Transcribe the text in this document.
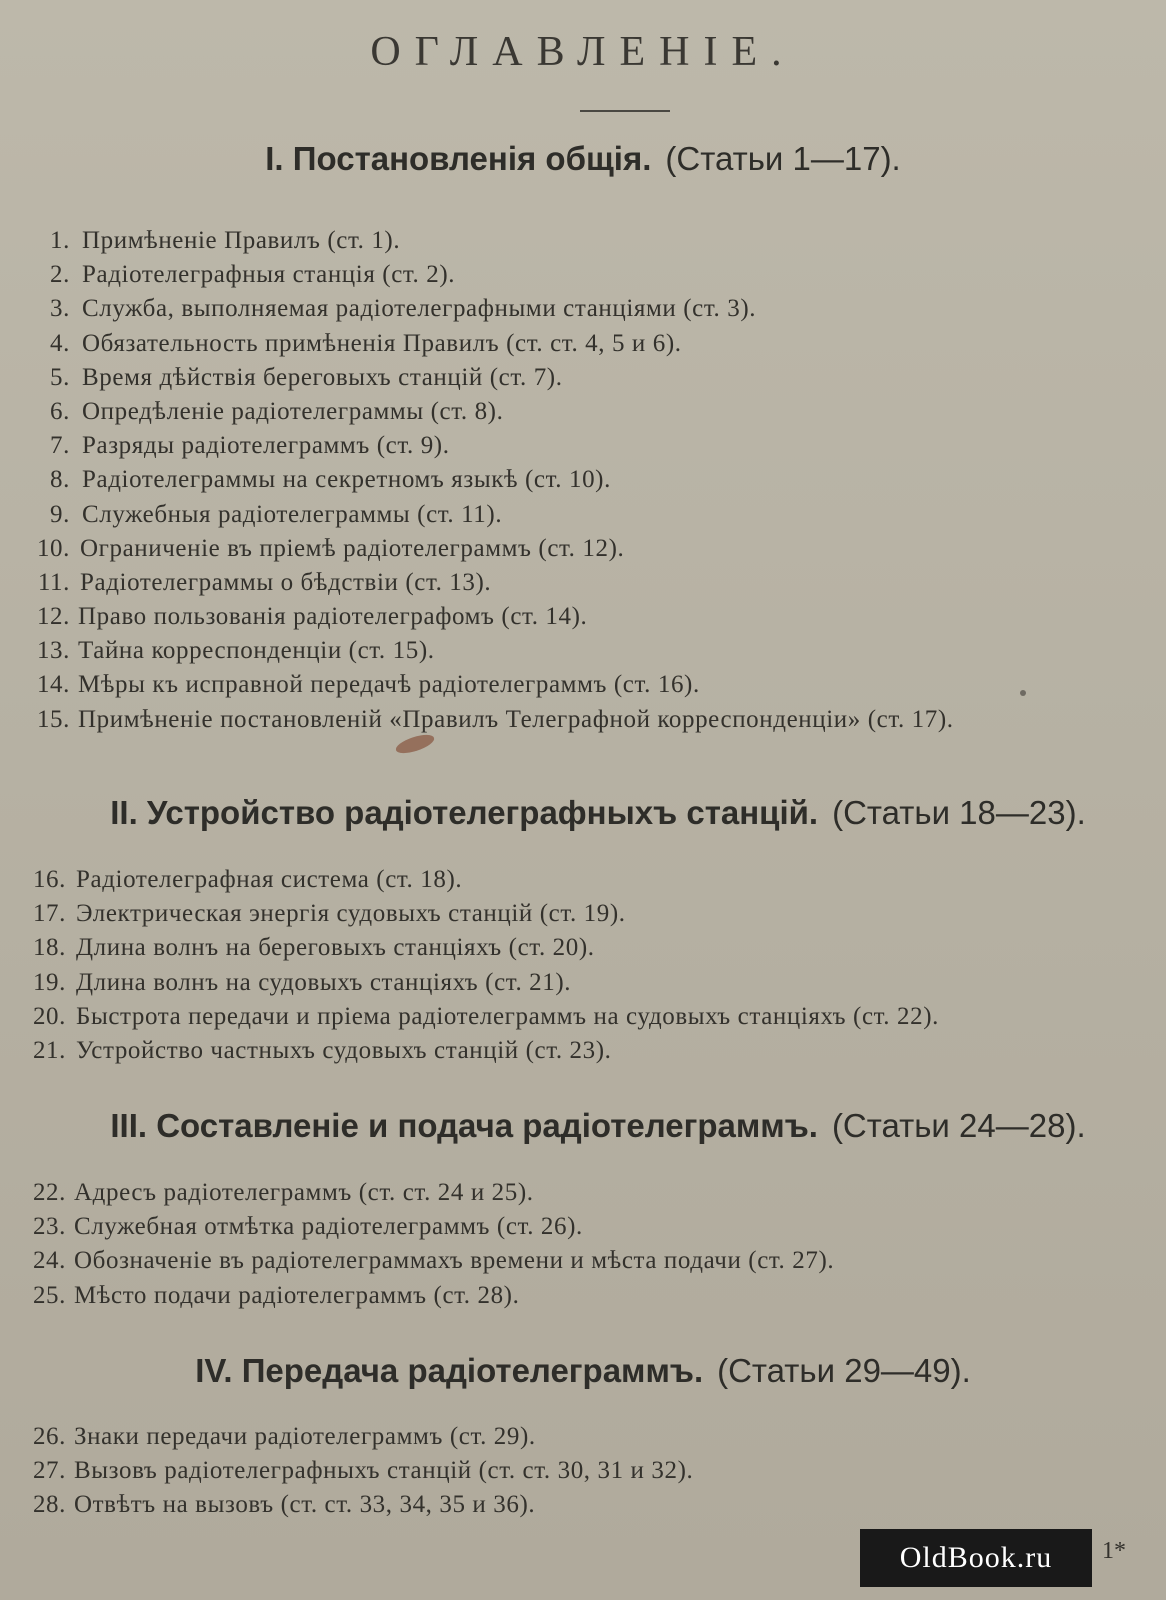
ОГЛАВЛЕНІЕ.
I. Постановленія общія. (Статьи 1—17).
1. Примѣненіе Правилъ (ст. 1).
2. Радіотелеграфныя станція (ст. 2).
3. Служба, выполняемая радіотелеграфными станціями (ст. 3).
4. Обязательность примѣненія Правилъ (ст. ст. 4, 5 и 6).
5. Время дѣйствія береговыхъ станцій (ст. 7).
6. Опредѣленіе радіотелеграммы (ст. 8).
7. Разряды радіотелеграммъ (ст. 9).
8. Радіотелеграммы на секретномъ языкѣ (ст. 10).
9. Служебныя радіотелеграммы (ст. 11).
10. Ограниченіе въ пріемѣ радіотелеграммъ (ст. 12).
11. Радіотелеграммы о бѣдствіи (ст. 13).
12. Право пользованія радіотелеграфомъ (ст. 14).
13. Тайна корреспонденціи (ст. 15).
14. Мѣры къ исправной передачѣ радіотелеграммъ (ст. 16).
15. Примѣненіе постановленій «Правилъ Телеграфной корреспонденціи» (ст. 17).
II. Устройство радіотелеграфныхъ станцій. (Статьи 18—23).
16. Радіотелеграфная система (ст. 18).
17. Электрическая энергія судовыхъ станцій (ст. 19).
18. Длина волнъ на береговыхъ станціяхъ (ст. 20).
19. Длина волнъ на судовыхъ станціяхъ (ст. 21).
20. Быстрота передачи и пріема радіотелеграммъ на судовыхъ станціяхъ (ст. 22).
21. Устройство частныхъ судовыхъ станцій (ст. 23).
III. Составленіе и подача радіотелеграммъ. (Статьи 24—28).
22. Адресъ радіотелеграммъ (ст. ст. 24 и 25).
23. Служебная отмѣтка радіотелеграммъ (ст. 26).
24. Обозначеніе въ радіотелеграммахъ времени и мѣста подачи (ст. 27).
25. Мѣсто подачи радіотелеграммъ (ст. 28).
IV. Передача радіотелеграммъ. (Статьи 29—49).
26. Знаки передачи радіотелеграммъ (ст. 29).
27. Вызовъ радіотелеграфныхъ станцій (ст. ст. 30, 31 и 32).
28. Отвѣтъ на вызовъ (ст. ст. 33, 34, 35 и 36).
OldBook.ru	1*
